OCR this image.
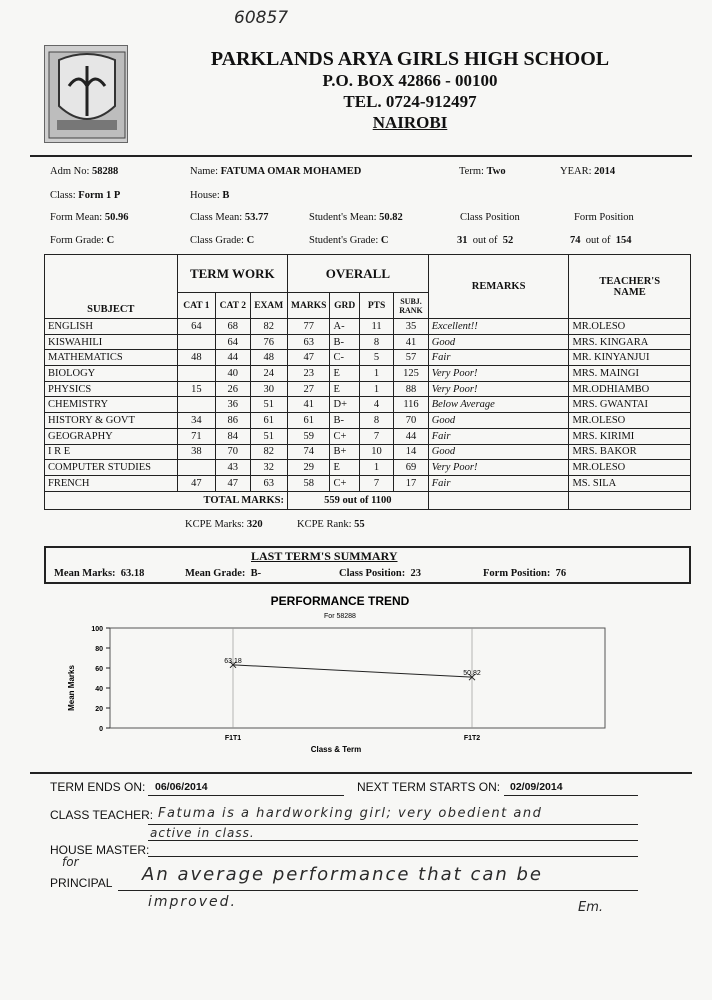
60857
PARKLANDS ARYA GIRLS HIGH SCHOOL
P.O. BOX 42866 - 00100
TEL. 0724-912497
NAIROBI
Adm No: 58288	Name: FATUMA OMAR MOHAMED	Term: Two	YEAR: 2014
Class: Form 1 P	House: B
Form Mean: 50.96	Class Mean: 53.77	Student's Mean: 50.82	Class Position	Form Position
Form Grade: C	Class Grade: C	Student's Grade: C	31 out of 52	74 out of 154
SUBJECT	TERM WORK			OVERALL				REMARKS	TEACHER'S
NAME
	CAT 1	CAT 2	EXAM	MARKS	GRD	PTS	SUBJ.
RANK		
ENGLISH	64	68	82	77	A-	11	35	Excellent!!	MR.OLESO
KISWAHILI		64	76	63	B-	8	41	Good	MRS. KINGARA
MATHEMATICS	48	44	48	47	C-	5	57	Fair	MR. KINYANJUI
BIOLOGY		40	24	23	E	1	125	Very Poor!	MRS. MAINGI
PHYSICS	15	26	30	27	E	1	88	Very Poor!	MR.ODHIAMBO
CHEMISTRY		36	51	41	D+	4	116	Below Average	MRS. GWANTAI
HISTORY & GOVT	34	86	61	61	B-	8	70	Good	MR.OLESO
GEOGRAPHY	71	84	51	59	C+	7	44	Fair	MRS. KIRIMI
I R E	38	70	82	74	B+	10	14	Good	MRS. BAKOR
COMPUTER STUDIES		43	32	29	E	1	69	Very Poor!	MR.OLESO
FRENCH	47	47	63	58	C+	7	17	Fair	MS. SILA
TOTAL MARKS:				559 out of 1100					
KCPE Marks: 320	KCPE Rank: 55
LAST TERM'S SUMMARY
Mean Marks: 63.18	Mean Grade: B-	Class Position: 23	Form Position: 76
PERFORMANCE TREND
For 58288
Mean Marks
Class & Term
0
20
40
60
80
100
F1T1	F1T2
63.18
50.82
TERM ENDS ON: 06/06/2014	NEXT TERM STARTS ON: 02/09/2014
CLASS TEACHER: Fatuma is a hardworking girl; very obedient and
active in class.
HOUSE MASTER:
for
PRINCIPAL An average performance that can be
improved.	Em.
